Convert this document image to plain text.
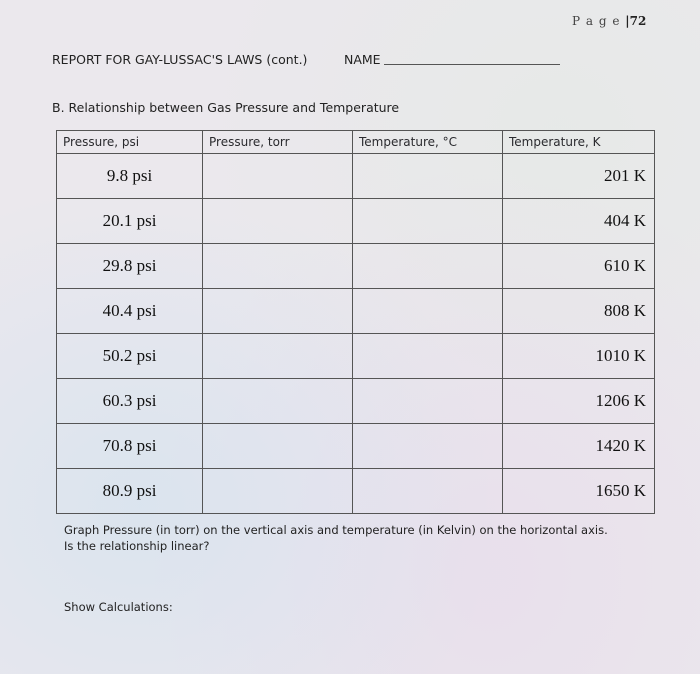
P a g e |72
REPORT FOR GAY-LUSSAC'S LAWS (cont.)	NAME
B. Relationship between Gas Pressure and Temperature
Pressure, psi	Pressure, torr	Temperature, °C	Temperature, K
9.8 psi			201 K
20.1 psi			404 K
29.8 psi			610 K
40.4 psi			808 K
50.2 psi			1010 K
60.3 psi			1206 K
70.8 psi			1420 K
80.9 psi			1650 K
Graph Pressure (in torr) on the vertical axis and temperature (in Kelvin) on the horizontal axis.
Is the relationship linear?
Show Calculations:
